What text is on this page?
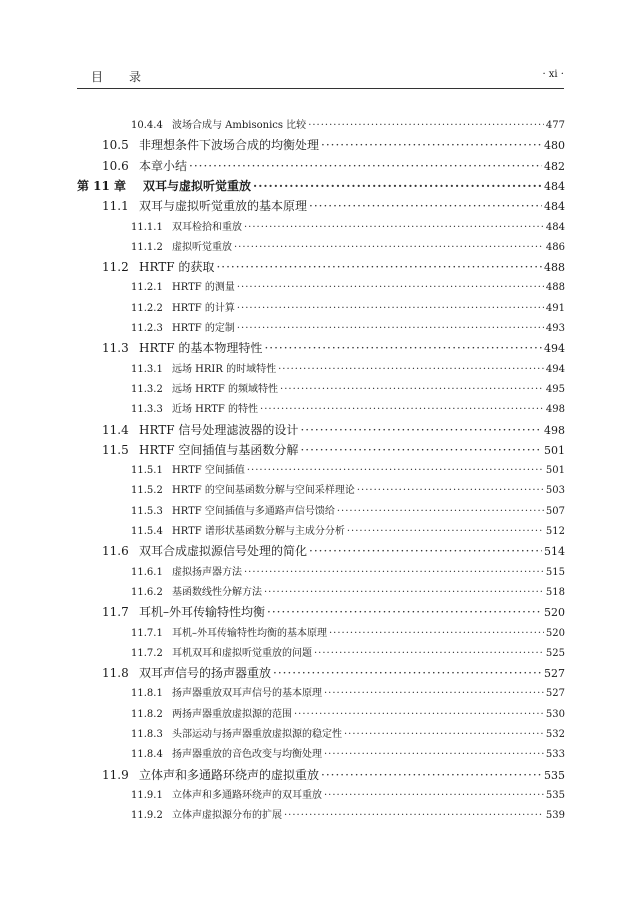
目 录	· xi ·
10.4.4 波场合成与 Ambisonics 比较 ·····	477
10.5 非理想条件下波场合成的均衡处理 ·····	480
10.6 本章小结 ·····	482
第 11 章	双耳与虚拟听觉重放 ·····	484
11.1 双耳与虚拟听觉重放的基本原理 ·····	484
11.1.1 双耳检拾和重放 ·····	484
11.1.2 虚拟听觉重放 ·····	486
11.2 HRTF 的获取 ·····	488
11.2.1 HRTF 的测量 ·····	488
11.2.2 HRTF 的计算 ·····	491
11.2.3 HRTF 的定制 ·····	493
11.3 HRTF 的基本物理特性 ·····	494
11.3.1 远场 HRIR 的时域特性 ·····	494
11.3.2 远场 HRTF 的频域特性 ·····	495
11.3.3 近场 HRTF 的特性 ·····	498
11.4 HRTF 信号处理滤波器的设计 ·····	498
11.5 HRTF 空间插值与基函数分解 ·····	501
11.5.1 HRTF 空间插值 ·····	501
11.5.2 HRTF 的空间基函数分解与空间采样理论 ·····	503
11.5.3 HRTF 空间插值与多通路声信号馈给 ·····	507
11.5.4 HRTF 谱形状基函数分解与主成分分析 ·····	512
11.6 双耳合成虚拟源信号处理的简化 ·····	514
11.6.1 虚拟扬声器方法 ·····	515
11.6.2 基函数线性分解方法 ·····	518
11.7 耳机–外耳传输特性均衡 ·····	520
11.7.1 耳机–外耳传输特性均衡的基本原理 ·····	520
11.7.2 耳机双耳和虚拟听觉重放的问题 ·····	525
11.8 双耳声信号的扬声器重放 ·····	527
11.8.1 扬声器重放双耳声信号的基本原理 ·····	527
11.8.2 两扬声器重放虚拟源的范围 ·····	530
11.8.3 头部运动与扬声器重放虚拟源的稳定性 ·····	532
11.8.4 扬声器重放的音色改变与均衡处理 ·····	533
11.9 立体声和多通路环绕声的虚拟重放 ·····	535
11.9.1 立体声和多通路环绕声的双耳重放 ·····	535
11.9.2 立体声虚拟源分布的扩展 ·····	539
